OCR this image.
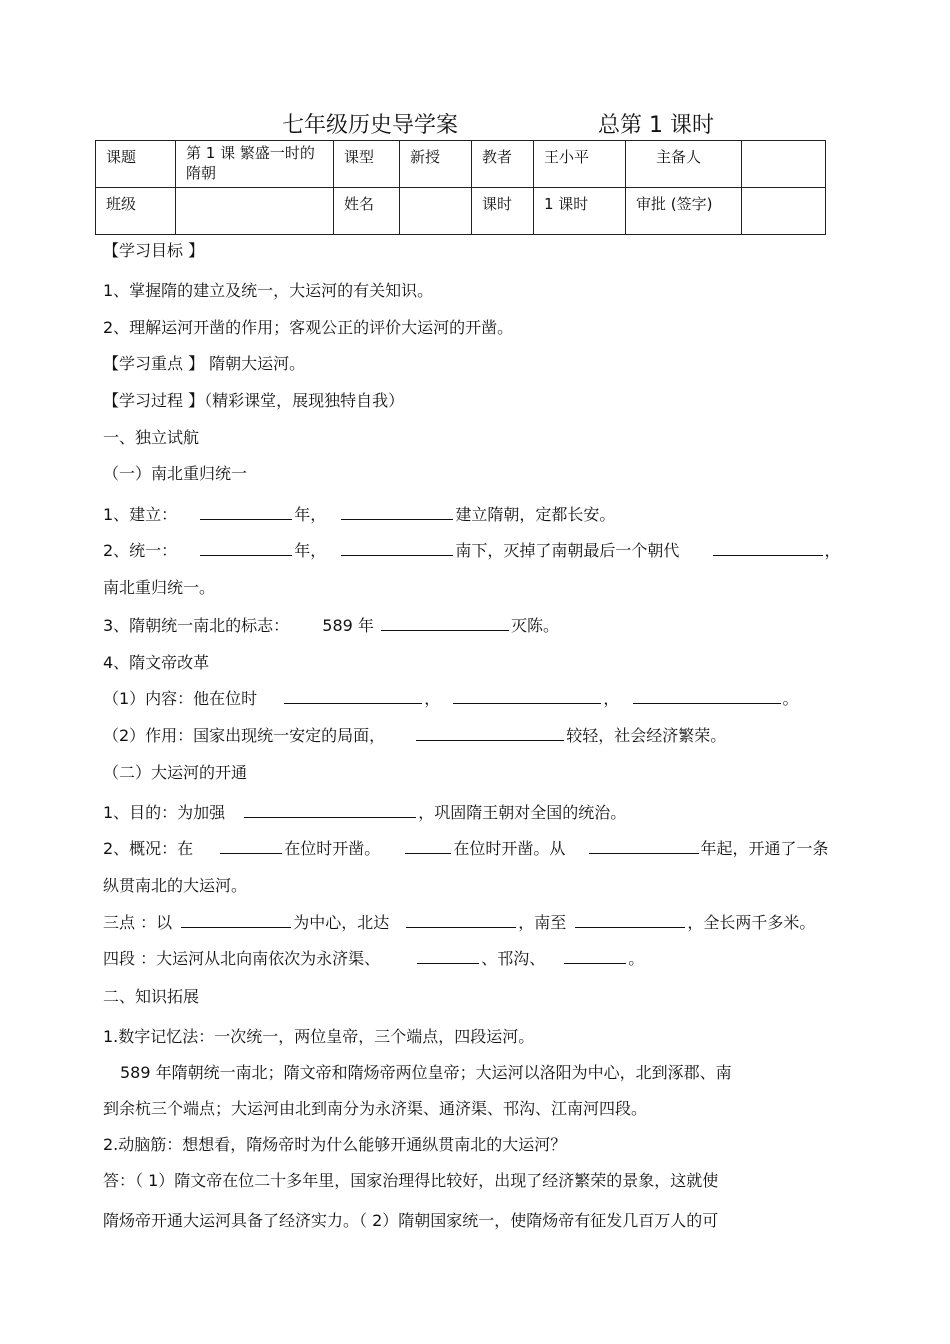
七年级历史导学案	总第 1 课时
课题	第 1 课 繁盛一时的隋朝	课型	新授	教者	王小平	主备人	
班级		姓名		课时	1 课时	审批 (签字)	
【学习目标 】
1、掌握隋的建立及统一，大运河的有关知识。
2、理解运河开凿的作用；客观公正的评价大运河的开凿。
【学习重点 】 隋朝大运河。
【学习过程 】（精彩课堂，展现独特自我）
一、独立试航
（一）南北重归统一
1、建立：	年，	建立隋朝，定都长安。
2、统一：	年，	南下，灭掉了南朝最后一个朝代	，
南北重归统一。
3、隋朝统一南北的标志： 589 年	灭陈。
4、隋文帝改革
（1）内容：他在位时	，	，	。
（2）作用：国家出现统一安定的局面，	较轻，社会经济繁荣。
（二）大运河的开通
1、目的：为加强	，巩固隋王朝对全国的统治。
2、概况：在	在位时开凿。	在位时开凿。从	年起，开通了一条
纵贯南北的大运河。
三点 ：以	为中心，北达	，南至	，全长两千多米。
四段 ：大运河从北向南依次为永济渠、	、邗沟、	。
二、知识拓展
1.数字记忆法：一次统一，两位皇帝，三个端点，四段运河。
589 年隋朝统一南北；隋文帝和隋炀帝两位皇帝；大运河以洛阳为中心，北到涿郡、南
到余杭三个端点；大运河由北到南分为永济渠、通济渠、邗沟、江南河四段。
2.动脑筋：想想看，隋炀帝时为什么能够开通纵贯南北的大运河？
答：（ 1）隋文帝在位二十多年里，国家治理得比较好，出现了经济繁荣的景象，这就使
隋炀帝开通大运河具备了经济实力。（ 2）隋朝国家统一，使隋炀帝有征发几百万人的可
